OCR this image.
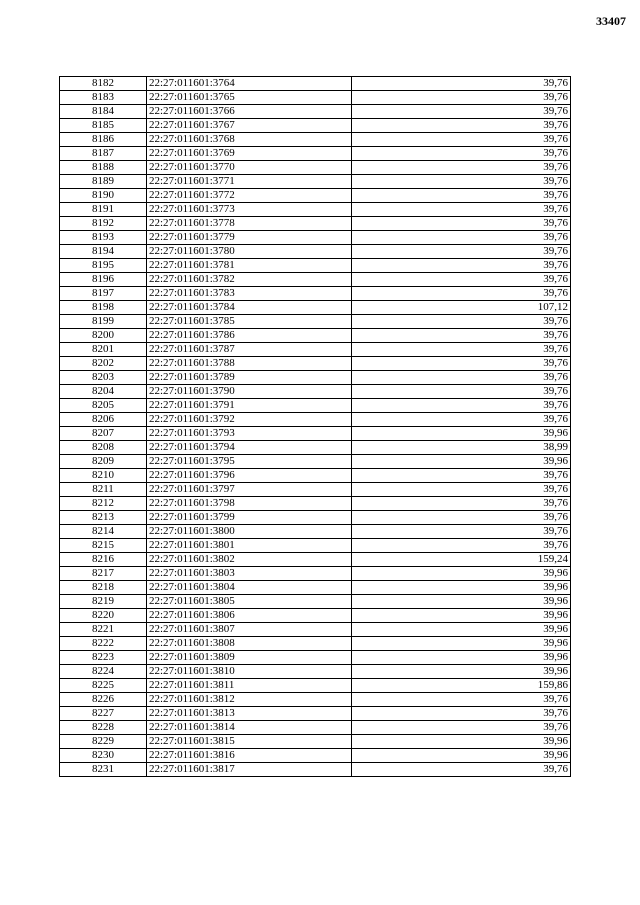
33407
8182	22:27:011601:3764	39,76
8183	22:27:011601:3765	39,76
8184	22:27:011601:3766	39,76
8185	22:27:011601:3767	39,76
8186	22:27:011601:3768	39,76
8187	22:27:011601:3769	39,76
8188	22:27:011601:3770	39,76
8189	22:27:011601:3771	39,76
8190	22:27:011601:3772	39,76
8191	22:27:011601:3773	39,76
8192	22:27:011601:3778	39,76
8193	22:27:011601:3779	39,76
8194	22:27:011601:3780	39,76
8195	22:27:011601:3781	39,76
8196	22:27:011601:3782	39,76
8197	22:27:011601:3783	39,76
8198	22:27:011601:3784	107,12
8199	22:27:011601:3785	39,76
8200	22:27:011601:3786	39,76
8201	22:27:011601:3787	39,76
8202	22:27:011601:3788	39,76
8203	22:27:011601:3789	39,76
8204	22:27:011601:3790	39,76
8205	22:27:011601:3791	39,76
8206	22:27:011601:3792	39,76
8207	22:27:011601:3793	39,96
8208	22:27:011601:3794	38,99
8209	22:27:011601:3795	39,96
8210	22:27:011601:3796	39,76
8211	22:27:011601:3797	39,76
8212	22:27:011601:3798	39,76
8213	22:27:011601:3799	39,76
8214	22:27:011601:3800	39,76
8215	22:27:011601:3801	39,76
8216	22:27:011601:3802	159,24
8217	22:27:011601:3803	39,96
8218	22:27:011601:3804	39,96
8219	22:27:011601:3805	39,96
8220	22:27:011601:3806	39,96
8221	22:27:011601:3807	39,96
8222	22:27:011601:3808	39,96
8223	22:27:011601:3809	39,96
8224	22:27:011601:3810	39,96
8225	22:27:011601:3811	159,86
8226	22:27:011601:3812	39,76
8227	22:27:011601:3813	39,76
8228	22:27:011601:3814	39,76
8229	22:27:011601:3815	39,96
8230	22:27:011601:3816	39,96
8231	22:27:011601:3817	39,76
